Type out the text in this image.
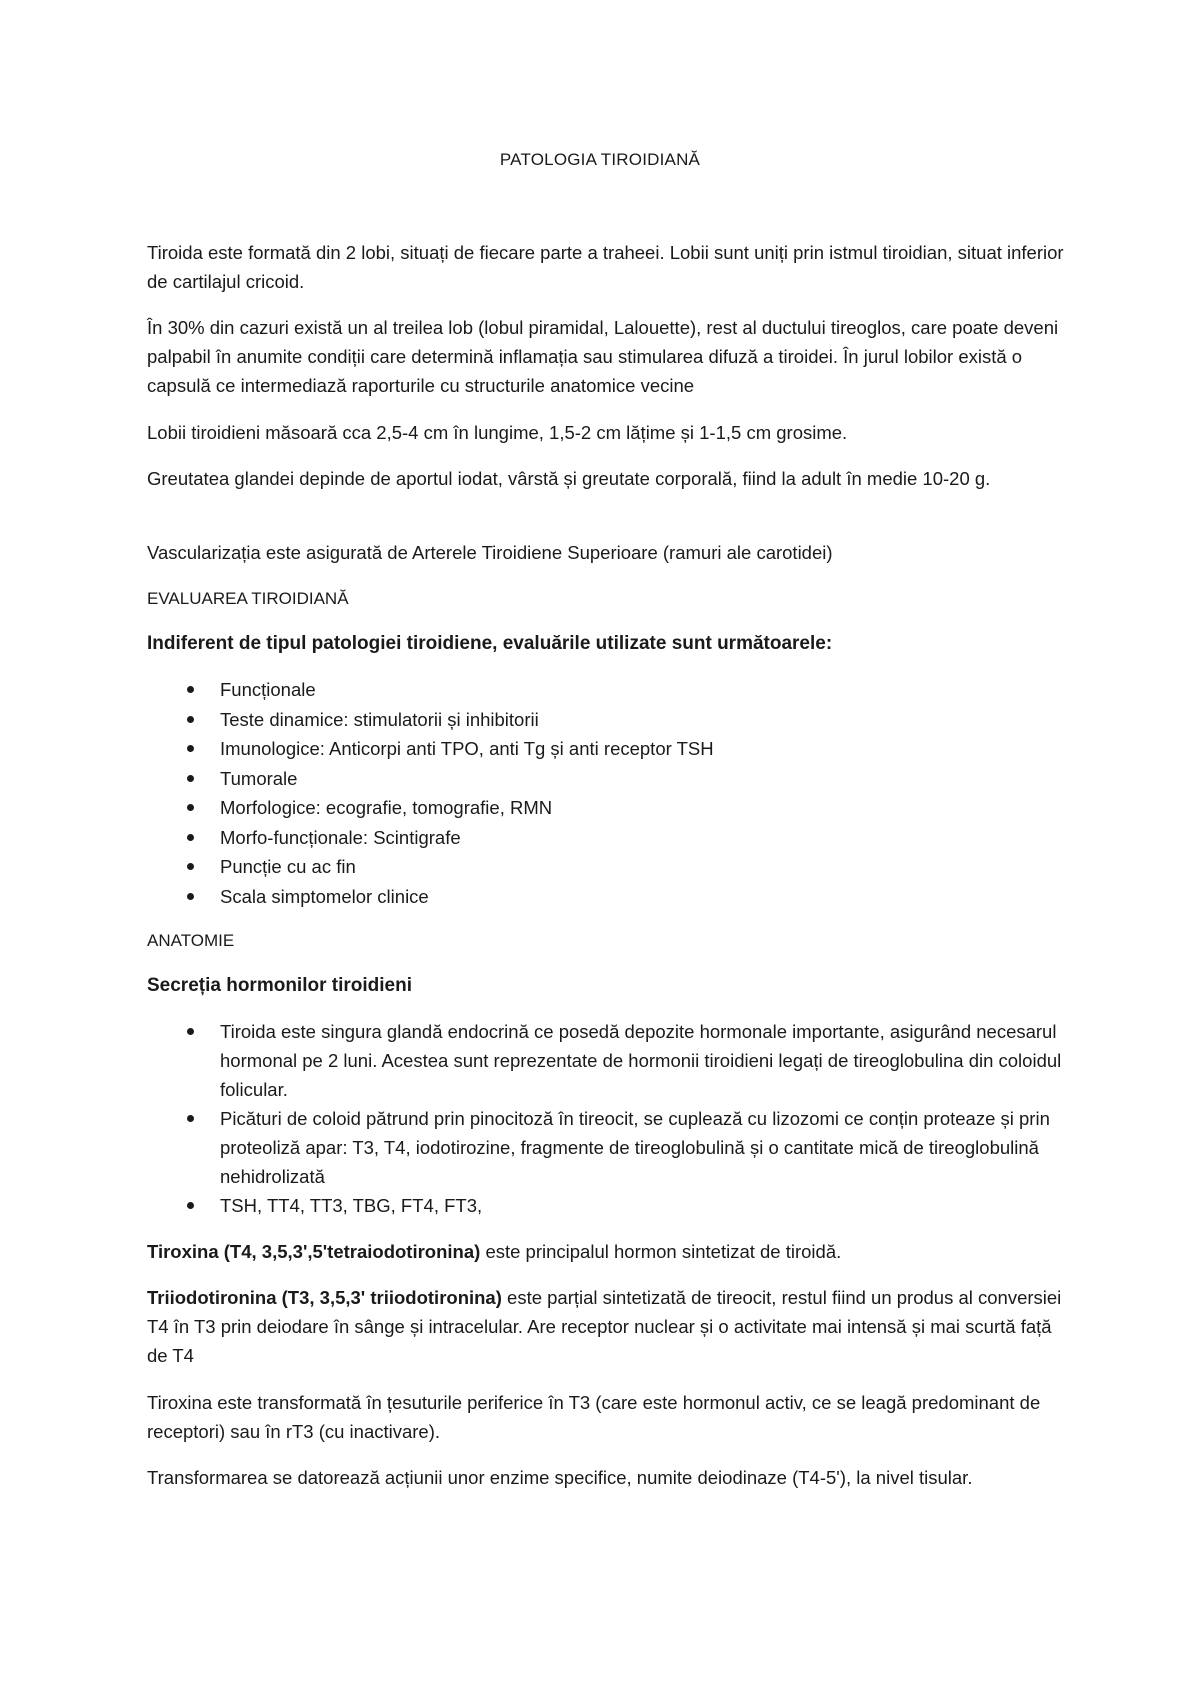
PATOLOGIA TIROIDIANĂ

Tiroida este formată din 2 lobi, situați de fiecare parte a traheei. Lobii sunt uniți prin istmul tiroidian, situat inferior de cartilajul cricoid.

În 30% din cazuri există un al treilea lob (lobul piramidal, Lalouette), rest al ductului tireoglos, care poate deveni palpabil în anumite condiții care determină inflamația sau stimularea difuză a tiroidei. În jurul lobilor există o capsulă ce intermediază raporturile cu structurile anatomice vecine

Lobii tiroidieni măsoară cca 2,5-4 cm în lungime, 1,5-2 cm lățime și 1-1,5 cm grosime.

Greutatea glandei depinde de aportul iodat, vârstă și greutate corporală, fiind la adult în medie 10-20 g.

Vascularizația este asigurată de Arterele Tiroidiene Superioare (ramuri ale carotidei)

EVALUAREA TIROIDIANĂ

Indiferent de tipul patologiei tiroidiene, evaluările utilizate sunt următoarele:

Funcționale
Teste dinamice: stimulatorii și inhibitorii
Imunologice: Anticorpi anti TPO, anti Tg și anti receptor TSH
Tumorale
Morfologice: ecografie, tomografie, RMN
Morfo-funcționale: Scintigrafe
Puncție cu ac fin
Scala simptomelor clinice

ANATOMIE

Secreția hormonilor tiroidieni

Tiroida este singura glandă endocrină ce posedă depozite hormonale importante, asigurând necesarul hormonal pe 2 luni. Acestea sunt reprezentate de hormonii tiroidieni legați de tireoglobulina din coloidul folicular.
Picături de coloid pătrund prin pinocitoză în tireocit, se cuplează cu lizozomi ce conțin proteaze și prin proteoliză apar: T3, T4, iodotirozine, fragmente de tireoglobulină și o cantitate mică de tireoglobulină nehidrolizată
TSH, TT4, TT3, TBG, FT4, FT3,

Tiroxina (T4, 3,5,3',5'tetraiodotironina) este principalul hormon sintetizat de tiroidă.

Triiodotironina (T3, 3,5,3' triiodotironina) este parțial sintetizată de tireocit, restul fiind un produs al conversiei T4 în T3 prin deiodare în sânge și intracelular. Are receptor nuclear și o activitate mai intensă și mai scurtă față de T4

Tiroxina este transformată în țesuturile periferice în T3 (care este hormonul activ, ce se leagă predominant de receptori) sau în rT3 (cu inactivare).

Transformarea se datorează acțiunii unor enzime specifice, numite deiodinaze (T4-5'), la nivel tisular.
